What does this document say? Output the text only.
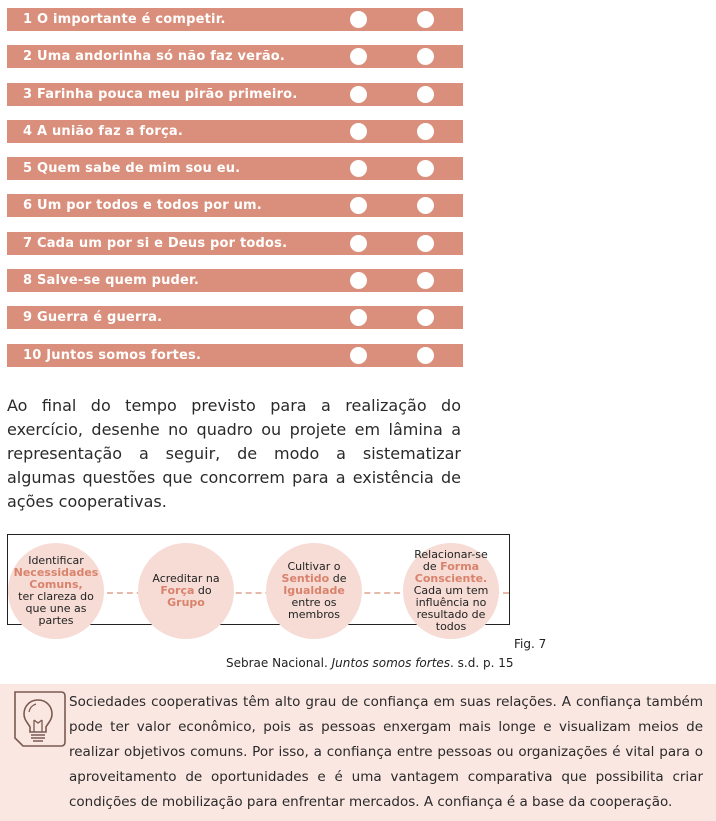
1 O importante é competir.
2 Uma andorinha só não faz verão.
3 Farinha pouca meu pirão primeiro.
4 A união faz a força.
5 Quem sabe de mim sou eu.
6 Um por todos e todos por um.
7 Cada um por si e Deus por todos.
8 Salve-se quem puder.
9 Guerra é guerra.
10 Juntos somos fortes.

Ao final do tempo previsto para a realização do exercício, desenhe no quadro ou projete em lâmina a representação a seguir, de modo a sistematizar algumas questões que concorrem para a existência de ações cooperativas.

Identificar
Necessidades
Comuns,
ter clareza do
que une as
partes
Acreditar na
Força do
Grupo
Cultivar o
Sentido de
Igualdade
entre os
membros
Relacionar-se
de Forma
Consciente.
Cada um tem
influência no
resultado de
todos
Fig. 7
Sebrae Nacional. Juntos somos fortes. s.d. p. 15

Sociedades cooperativas têm alto grau de confiança em suas relações. A confiança também pode ter valor econômico, pois as pessoas enxergam mais longe e visualizam meios de realizar objetivos comuns. Por isso, a confiança entre pessoas ou organizações é vital para o aproveitamento de oportunidades e é uma vantagem comparativa que possibilita criar condições de mobilização para enfrentar mercados. A confiança é a base da cooperação.
